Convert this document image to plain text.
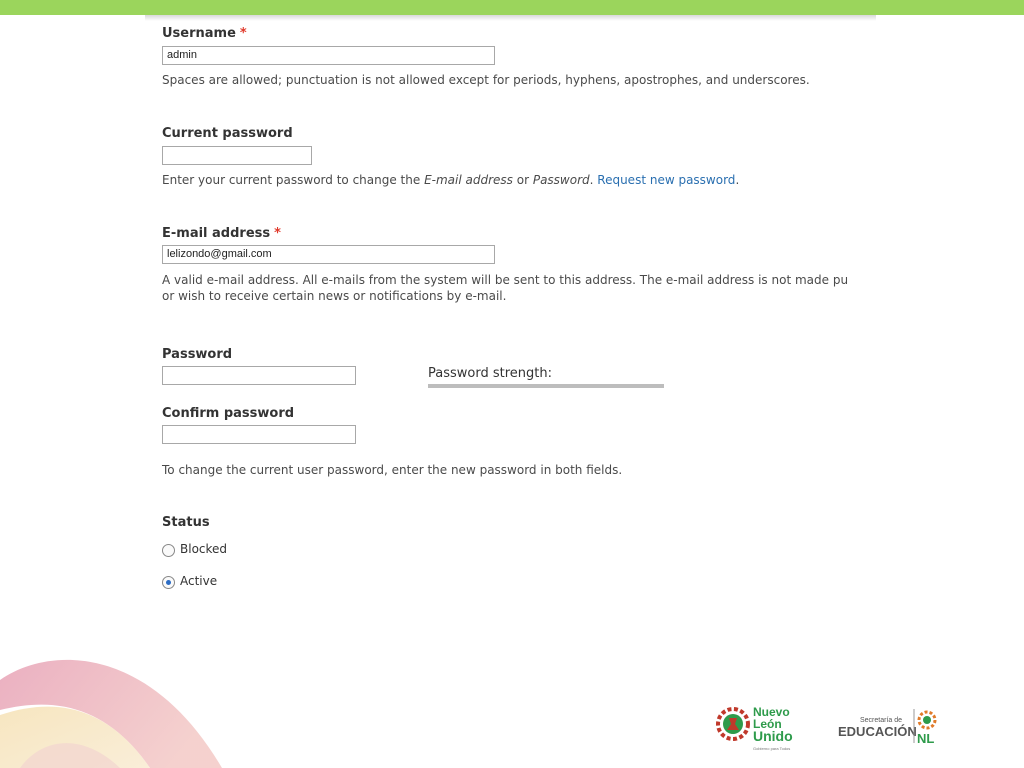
Username *
admin
Spaces are allowed; punctuation is not allowed except for periods, hyphens, apostrophes, and underscores.
Current password
Enter your current password to change the E-mail address or Password. Request new password.
E-mail address *
lelizondo@gmail.com
A valid e-mail address. All e-mails from the system will be sent to this address. The e-mail address is not made pu
or wish to receive certain news or notifications by e-mail.
Password
Password strength:
Confirm password
To change the current user password, enter the new password in both fields.
Status
Blocked
Active
Nuevo
León
Unido
Gobierno para Todos
Secretaría de
EDUCACIÓN NL
